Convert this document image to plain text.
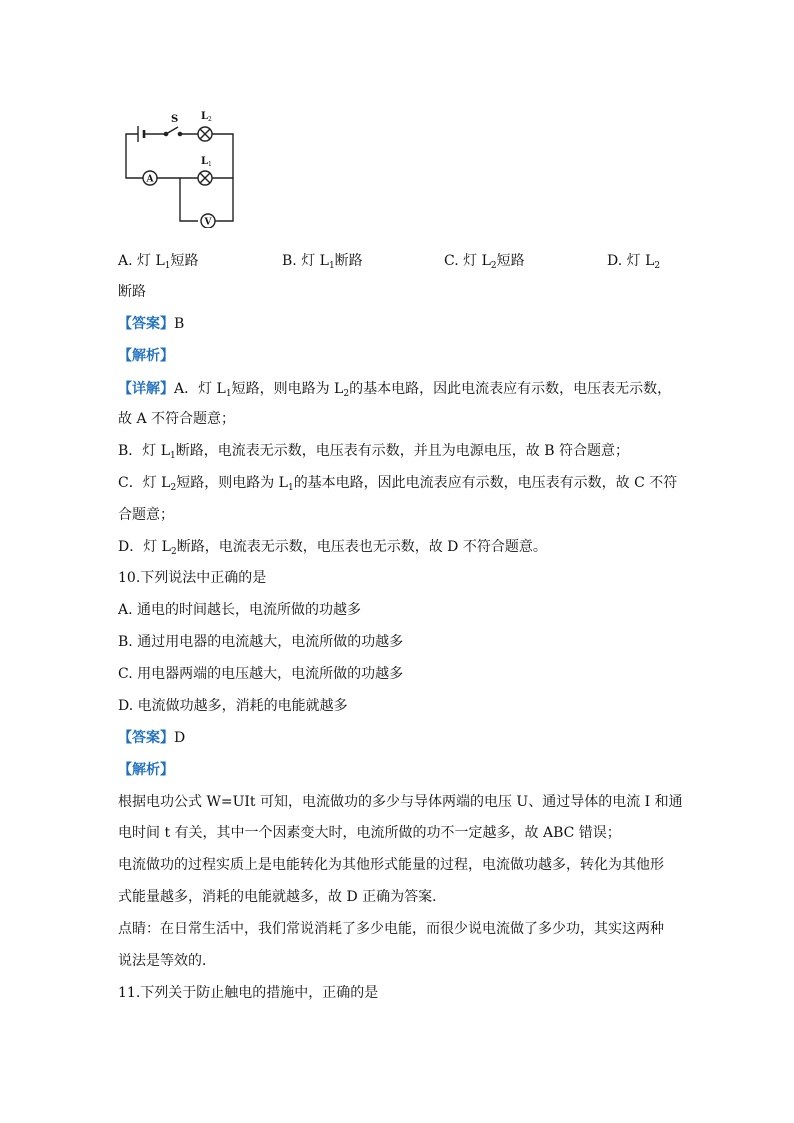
S L 2
L 1
A
V
A. 灯 $L_1$短路	B. 灯 $L_1$断路	C. 灯 $L_2$短路	D. 灯 $L_2$
断路
【答案】B
【解析】
【详解】A．灯 $L_1$短路，则电路为 $L_2$的基本电路，因此电流表应有示数，电压表无示数，
故 A 不符合题意；
B．灯 $L_1$断路，电流表无示数，电压表有示数，并且为电源电压，故 B 符合题意；
C．灯 $L_2$短路，则电路为 $L_1$的基本电路，因此电流表应有示数，电压表有示数，故 C 不符
合题意；
D．灯 $L_2$断路，电流表无示数，电压表也无示数，故 D 不符合题意。
10.下列说法中正确的是
A. 通电的时间越长，电流所做的功越多
B. 通过用电器的电流越大，电流所做的功越多
C. 用电器两端的电压越大，电流所做的功越多
D. 电流做功越多，消耗的电能就越多
【答案】D
【解析】
根据电功公式 W=UIt 可知，电流做功的多少与导体两端的电压 U、通过导体的电流 I 和通
电时间 t 有关，其中一个因素变大时，电流所做的功不一定越多，故 ABC 错误；
电流做功的过程实质上是电能转化为其他形式能量的过程，电流做功越多，转化为其他形
式能量越多，消耗的电能就越多，故 D 正确为答案．
点睛：在日常生活中，我们常说消耗了多少电能，而很少说电流做了多少功，其实这两种
说法是等效的．
11.下列关于防止触电的措施中，正确的是
